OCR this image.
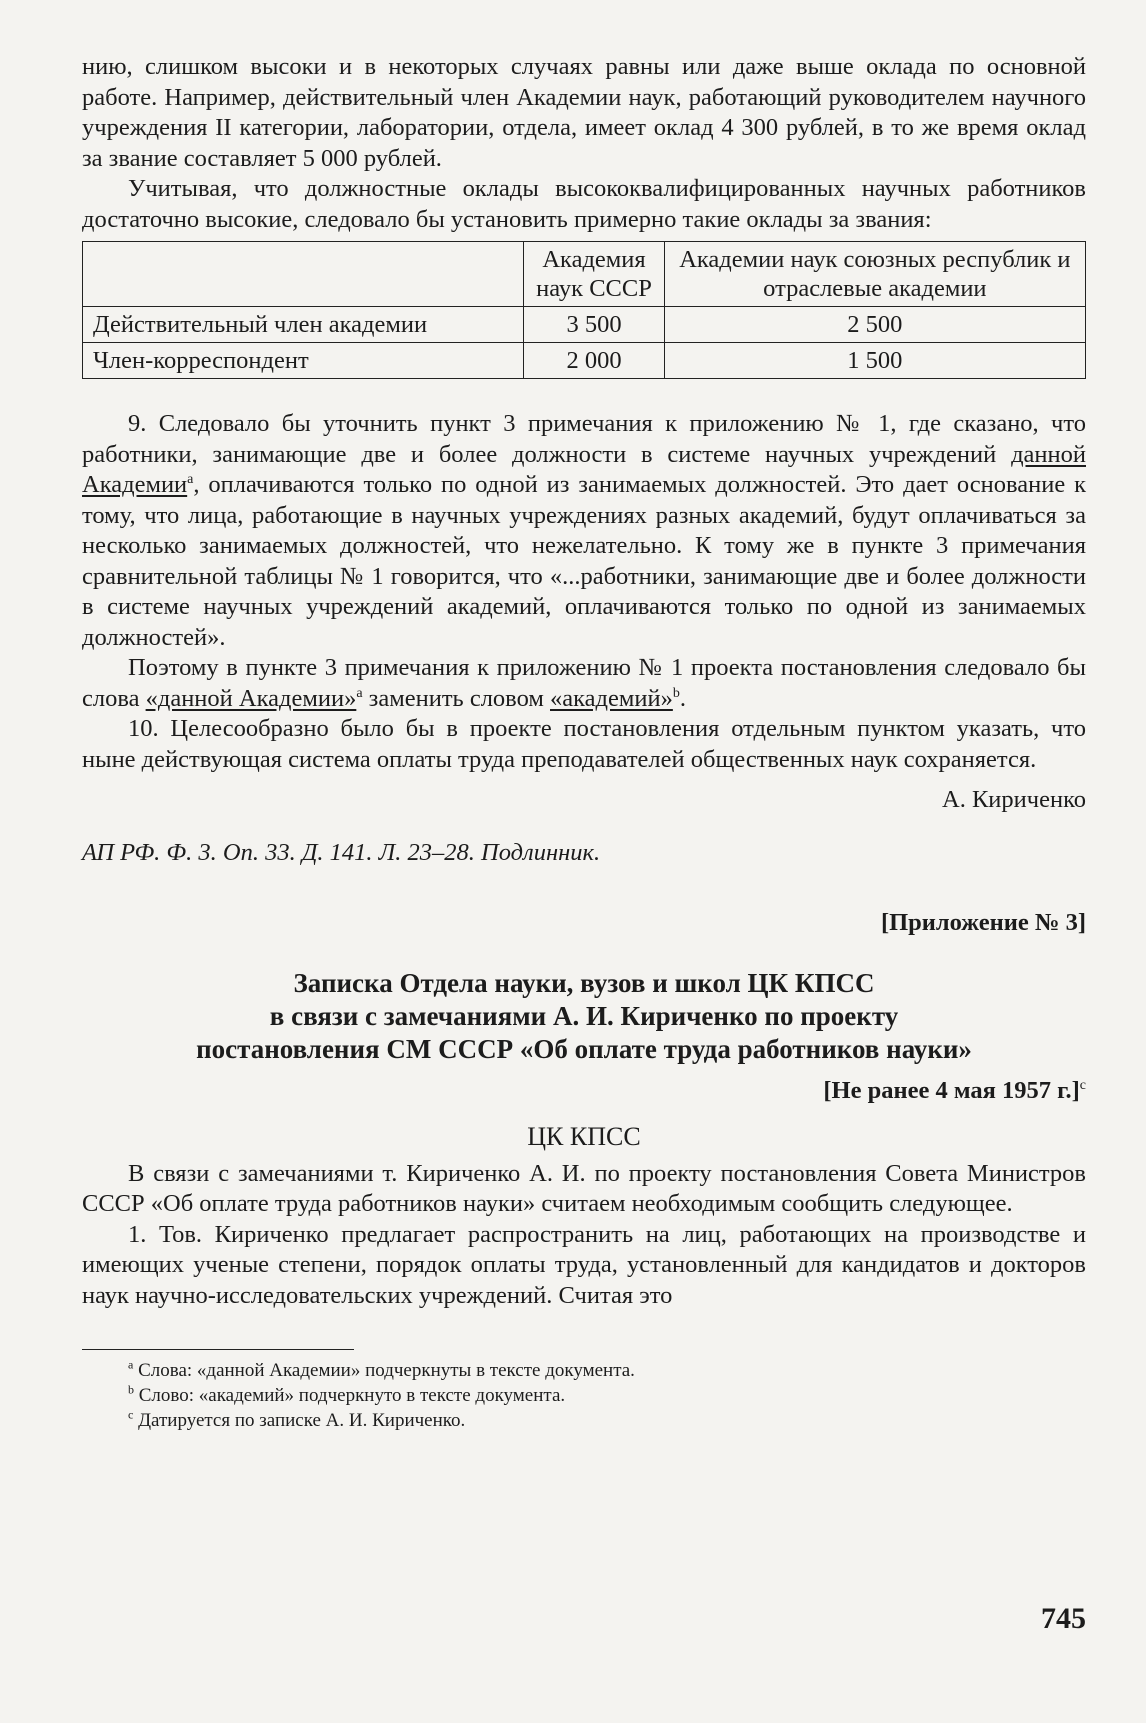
нию, слишком высоки и в некоторых случаях равны или даже выше оклада по основной работе. Например, действительный член Академии наук, работающий руководителем научного учреждения II категории, лаборатории, отдела, имеет оклад 4 300 рублей, в то же время оклад за звание составляет 5 000 рублей.

Учитывая, что должностные оклады высококвалифицированных научных работников достаточно высокие, следовало бы установить примерно такие оклады за звания:

	Академия наук СССР	Академии наук союзных республик и отраслевые академии
Действительный член академии	3 500	2 500
Член-корреспондент	2 000	1 500

9. Следовало бы уточнить пункт 3 примечания к приложению № 1, где сказано, что работники, занимающие две и более должности в системе научных учреждений данной Академии$^a$, оплачиваются только по одной из занимаемых должностей. Это дает основание к тому, что лица, работающие в научных учреждениях разных академий, будут оплачиваться за несколько занимаемых должностей, что нежелательно. К тому же в пункте 3 примечания сравнительной таблицы № 1 говорится, что «...работники, занимающие две и более должности в системе научных учреждений академий, оплачиваются только по одной из занимаемых должностей».

Поэтому в пункте 3 примечания к приложению № 1 проекта постановления следовало бы слова «данной Академии»$^a$ заменить словом «академий»$^b$.

10. Целесообразно было бы в проекте постановления отдельным пунктом указать, что ныне действующая система оплаты труда преподавателей общественных наук сохраняется.

А. Кириченко

АП РФ. Ф. 3. Оп. 33. Д. 141. Л. 23–28. Подлинник.

[Приложение № 3]

Записка Отдела науки, вузов и школ ЦК КПСС
в связи с замечаниями А. И. Кириченко по проекту
постановления СМ СССР «Об оплате труда работников науки»

[Не ранее 4 мая 1957 г.]$^c$

ЦК КПСС

В связи с замечаниями т. Кириченко А. И. по проекту постановления Совета Министров СССР «Об оплате труда работников науки» считаем необходимым сообщить следующее.

1. Тов. Кириченко предлагает распространить на лиц, работающих на производстве и имеющих ученые степени, порядок оплаты труда, установленный для кандидатов и докторов наук научно-исследовательских учреждений. Считая это

$^a$ Слова: «данной Академии» подчеркнуты в тексте документа.

$^b$ Слово: «академий» подчеркнуто в тексте документа.

$^c$ Датируется по записке А. И. Кириченко.

745
